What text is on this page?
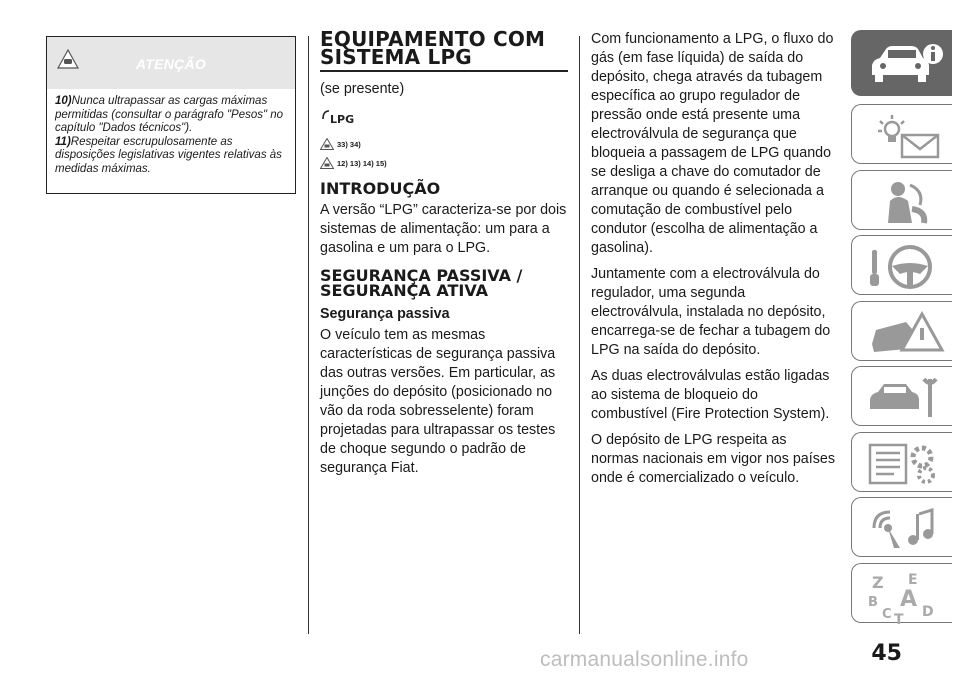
ATENÇÃO
10)Nunca ultrapassar as cargas máximas permitidas (consultar o parágrafo "Pesos" no capítulo "Dados técnicos").
11)Respeitar escrupulosamente as disposições legislativas vigentes relativas às medidas máximas.
EQUIPAMENTO COM
SISTEMA LPG

(se presente)

LPG
33) 34)
12) 13) 14) 15)
INTRODUÇÃO

A versão “LPG” caracteriza-se por dois sistemas de alimentação: um para a gasolina e um para o LPG.

SEGURANÇA PASSIVA /
SEGURANÇA ATIVA

Segurança passiva

O veículo tem as mesmas características de segurança passiva das outras versões. Em particular, as junções do depósito (posicionado no vão da roda sobresselente) foram projetadas para ultrapassar os testes de choque segundo o padrão de segurança Fiat.

Com funcionamento a LPG, o fluxo do gás (em fase líquida) de saída do depósito, chega através da tubagem específica ao grupo regulador de pressão onde está presente uma electroválvula de segurança que bloqueia a passagem de LPG quando se desliga a chave do comutador de arranque ou quando é selecionada a comutação de combustível pelo condutor (escolha de alimentação a gasolina).

Juntamente com a electroválvula do regulador, uma segunda electroválvula, instalada no depósito, encarrega-se de fechar a tubagem do LPG na saída do depósito.

As duas electroválvulas estão ligadas ao sistema de bloqueio do combustível (Fire Protection System).

O depósito de LPG respeita as normas nacionais em vigor nos países onde é comercializado o veículo.

Z E
B A
C D
T
45
carmanualsonline.info
